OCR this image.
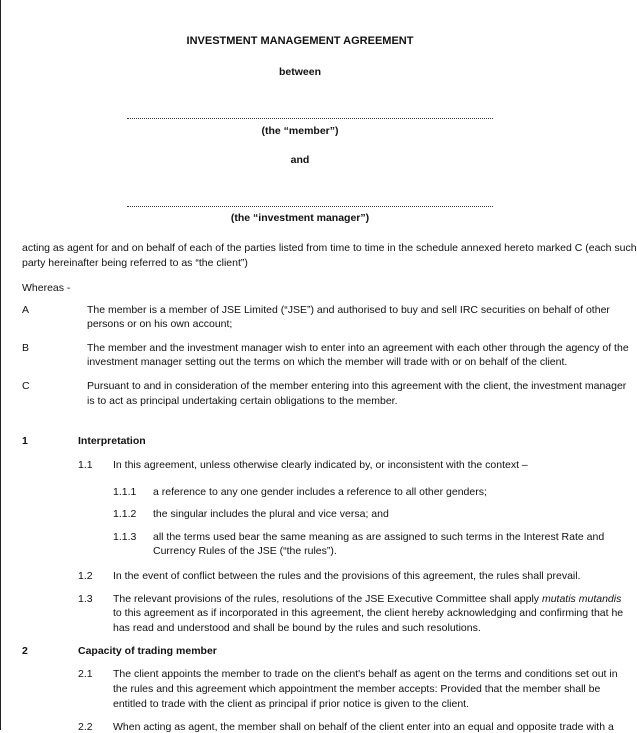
INVESTMENT MANAGEMENT AGREEMENT
between
(the “member”)
and
(the “investment manager”)
acting as agent for and on behalf of each of the parties listed from time to time in the schedule annexed hereto marked C (each such
party hereinafter being referred to as “the client”)
Whereas -
A	The member is a member of JSE Limited (“JSE”) and authorised to buy and sell IRC securities on behalf of other
persons or on his own account;
B	The member and the investment manager wish to enter into an agreement with each other through the agency of the
investment manager setting out the terms on which the member will trade with or on behalf of the client.
C	Pursuant to and in consideration of the member entering into this agreement with the client, the investment manager
is to act as principal undertaking certain obligations to the member.
1	Interpretation
1.1 In this agreement, unless otherwise clearly indicated by, or inconsistent with the context –
1.1.1 a reference to any one gender includes a reference to all other genders;
1.1.2 the singular includes the plural and vice versa; and
1.1.3 all the terms used bear the same meaning as are assigned to such terms in the Interest Rate and
Currency Rules of the JSE (“the rules”).
1.2 In the event of conflict between the rules and the provisions of this agreement, the rules shall prevail.
1.3 The relevant provisions of the rules, resolutions of the JSE Executive Committee shall apply mutatis mutandis
to this agreement as if incorporated in this agreement, the client hereby acknowledging and confirming that he
has read and understood and shall be bound by the rules and such resolutions.
2	Capacity of trading member
2.1 The client appoints the member to trade on the client's behalf as agent on the terms and conditions set out in
the rules and this agreement which appointment the member accepts: Provided that the member shall be
entitled to trade with the client as principal if prior notice is given to the client.
2.2 When acting as agent, the member shall on behalf of the client enter into an equal and opposite trade with a
